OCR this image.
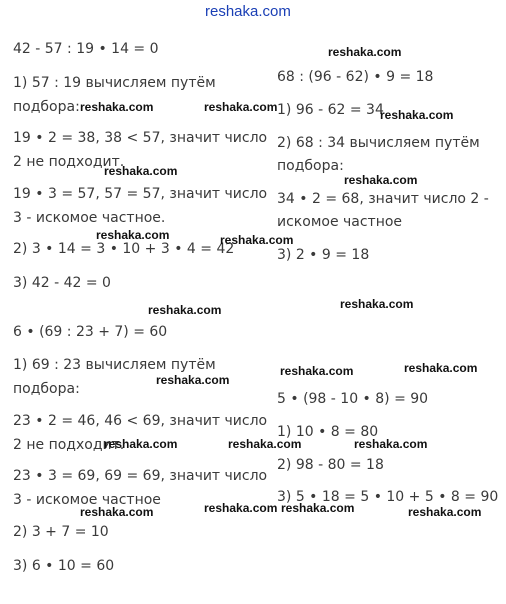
reshaka.com
42 - 57 : 19 • 14 = 0
1) 57 : 19 вычисляем путём
подбора:
19 • 2 = 38, 38 < 57, значит число
2 не подходит.
19 • 3 = 57, 57 = 57, значит число
3 - искомое частное.
2) 3 • 14 = 3 • 10 + 3 • 4 = 42
3) 42 - 42 = 0
6 • (69 : 23 + 7) = 60
1) 69 : 23 вычисляем путём
подбора:
23 • 2 = 46, 46 < 69, значит число
2 не подходит.
23 • 3 = 69, 69 = 69, значит число
3 - искомое частное
2) 3 + 7 = 10
3) 6 • 10 = 60
68 : (96 - 62) • 9 = 18
1) 96 - 62 = 34
2) 68 : 34 вычисляем путём
подбора:
34 • 2 = 68, значит число 2 -
искомое частное
3) 2 • 9 = 18
5 • (98 - 10 • 8) = 90
1) 10 • 8 = 80
2) 98 - 80 = 18
3) 5 • 18 = 5 • 10 + 5 • 8 = 90
reshaka.com
reshaka.com	reshaka.com
reshaka.com
reshaka.com
reshaka.com
reshaka.com	reshaka.com
reshaka.com
reshaka.com
reshaka.com	reshaka.com
reshaka.com
reshaka.com	reshaka.com	reshaka.com
reshaka.com	reshaka.com reshaka.com	reshaka.com
